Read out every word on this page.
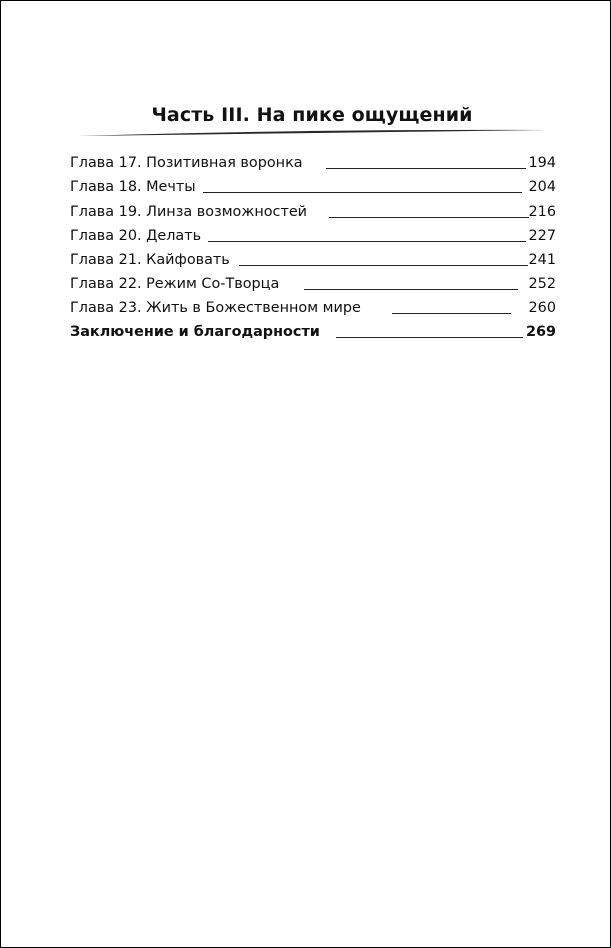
Часть III. На пике ощущений
Глава 17. Позитивная воронка	194
Глава 18. Мечты	204
Глава 19. Линза возможностей	216
Глава 20. Делать	227
Глава 21. Кайфовать	241
Глава 22. Режим Со-Творца	252
Глава 23. Жить в Божественном мире	260
Заключение и благодарности	269
